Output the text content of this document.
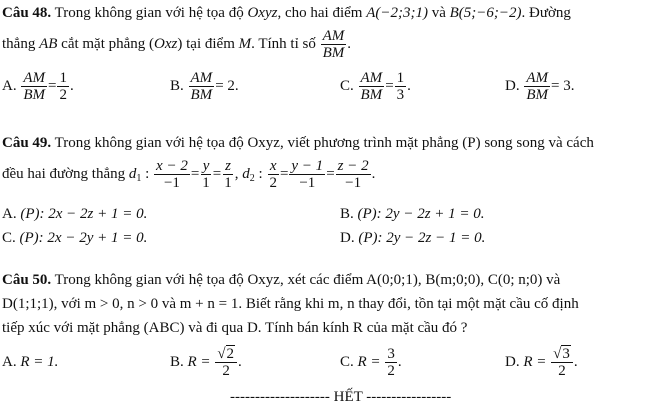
Câu 48. Trong không gian với hệ tọa độ Oxyz, cho hai điểm A(−2;3;1) và B(5;−6;−2). Đường
thẳng AB cắt mặt phẳng (Oxz) tại điểm M. Tính tỉ số $\frac{AM}{BM}$ .
A. $\frac{AM}{BM} = \frac{1}{2}$ .	B. $\frac{AM}{BM} = 2$.	C. $\frac{AM}{BM} = \frac{1}{3}$ .	D. $\frac{AM}{BM} = 3$.
Câu 49. Trong không gian với hệ tọa độ Oxyz, viết phương trình mặt phẳng (P) song song và cách
đều hai đường thẳng $d_1$ : $\frac{x - 2}{-1} = \frac{y}{1} = \frac{z}{1}$ , $d_2$ : $\frac{x}{2} = \frac{y - 1}{-1} = \frac{z - 2}{-1}$ .
A. (P): 2x − 2z + 1 = 0.	B. (P): 2y − 2z + 1 = 0.
C. (P): 2x − 2y + 1 = 0.	D. (P): 2y − 2z − 1 = 0.
Câu 50. Trong không gian với hệ tọa độ Oxyz, xét các điểm A(0;0;1), B(m;0;0), C(0; n;0) và
D(1;1;1), với m > 0, n > 0 và m + n = 1. Biết rằng khi m, n thay đổi, tồn tại một mặt cầu cố định
tiếp xúc với mặt phẳng (ABC) và đi qua D. Tính bán kính R của mặt cầu đó ?
A. R = 1.	B. $R = \frac{√2}{2}$ .	C. $R = \frac{3}{2}$ .	D. $R = \frac{√3}{2}$ .
-------------------- HẾT -----------------
